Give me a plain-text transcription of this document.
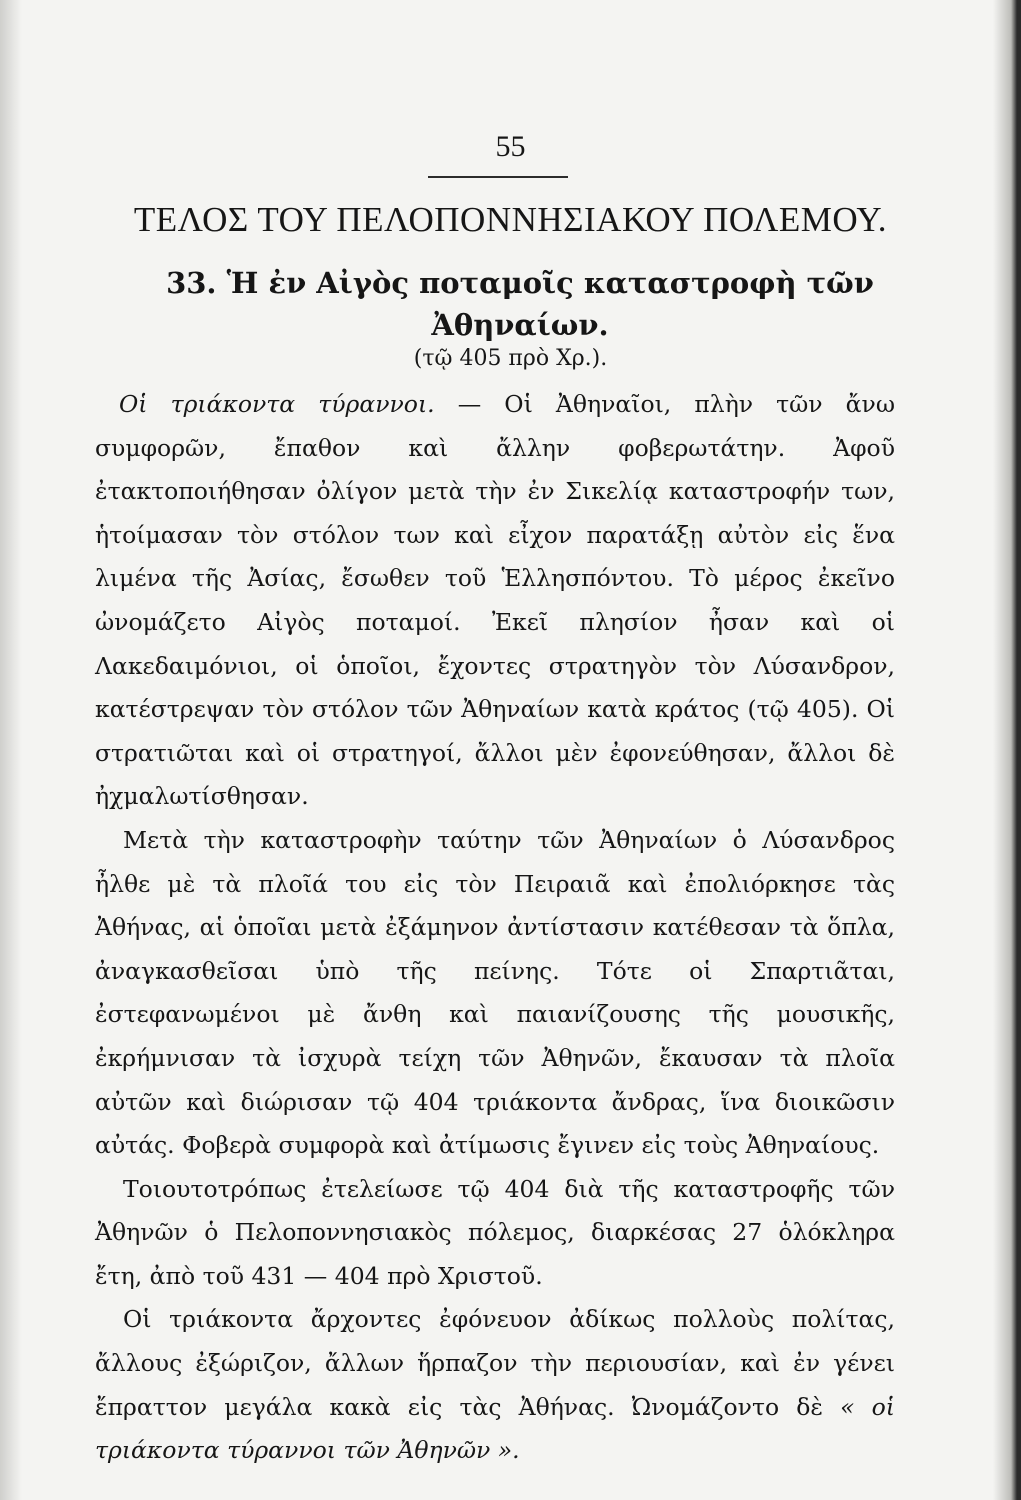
55
ΤΕΛΟΣ ΤΟΥ ΠΕΛΟΠΟΝΝΗΣΙΑΚΟΥ ΠΟΛΕΜΟΥ.
33. Ἡ ἐν Αἰγὸς ποταμοῖς καταστροφὴ τῶν Ἀθηναίων.
(τῷ 405 πρὸ Χρ.).

Οἱ τριάκοντα τύραννοι. — Οἱ Ἀθηναῖοι, πλὴν τῶν ἄνω συμφορῶν, ἔπαθον καὶ ἄλλην φοβερωτάτην. Ἀφοῦ ἐτακτοποιήθησαν ὀλίγον μετὰ τὴν ἐν Σικελίᾳ καταστροφήν των, ἡτοίμασαν τὸν στόλον των καὶ εἶχον παρατάξῃ αὐτὸν εἰς ἕνα λιμένα τῆς Ἀσίας, ἔσωθεν τοῦ Ἑλλησπόντου. Τὸ μέρος ἐκεῖνο ὠνομάζετο Αἰγὸς ποταμοί. Ἐκεῖ πλησίον ἦσαν καὶ οἱ Λακεδαιμόνιοι, οἱ ὁποῖοι, ἔχοντες στρατηγὸν τὸν Λύσανδρον, κατέστρεψαν τὸν στόλον τῶν Ἀθηναίων κατὰ κράτος (τῷ 405). Οἱ στρατιῶται καὶ οἱ στρατηγοί, ἄλλοι μὲν ἐφονεύθησαν, ἄλλοι δὲ ἠχμαλωτίσθησαν.

Μετὰ τὴν καταστροφὴν ταύτην τῶν Ἀθηναίων ὁ Λύσανδρος ἦλθε μὲ τὰ πλοῖά του εἰς τὸν Πειραιᾶ καὶ ἐπολιόρκησε τὰς Ἀθήνας, αἱ ὁποῖαι μετὰ ἐξάμηνον ἀντίστασιν κατέθεσαν τὰ ὅπλα, ἀναγκασθεῖσαι ὑπὸ τῆς πείνης. Τότε οἱ Σπαρτιᾶται, ἐστεφανωμένοι μὲ ἄνθη καὶ παιανίζουσης τῆς μουσικῆς, ἐκρήμνισαν τὰ ἰσχυρὰ τείχη τῶν Ἀθηνῶν, ἔκαυσαν τὰ πλοῖα αὐτῶν καὶ διώρισαν τῷ 404 τριάκοντα ἄνδρας, ἵνα διοικῶσιν αὐτάς. Φοβερὰ συμφορὰ καὶ ἀτίμωσις ἔγινεν εἰς τοὺς Ἀθηναίους.

Τοιουτοτρόπως ἐτελείωσε τῷ 404 διὰ τῆς καταστροφῆς τῶν Ἀθηνῶν ὁ Πελοποννησιακὸς πόλεμος, διαρκέσας 27 ὁλόκληρα ἔτη, ἀπὸ τοῦ 431 — 404 πρὸ Χριστοῦ.

Οἱ τριάκοντα ἄρχοντες ἐφόνευον ἀδίκως πολλοὺς πολίτας, ἄλλους ἐξώριζον, ἄλλων ἥρπαζον τὴν περιουσίαν, καὶ ἐν γένει ἔπραττον μεγάλα κακὰ εἰς τὰς Ἀθήνας. Ὠνομάζοντο δὲ « οἱ τριάκοντα τύραννοι τῶν Ἀθηνῶν ».
